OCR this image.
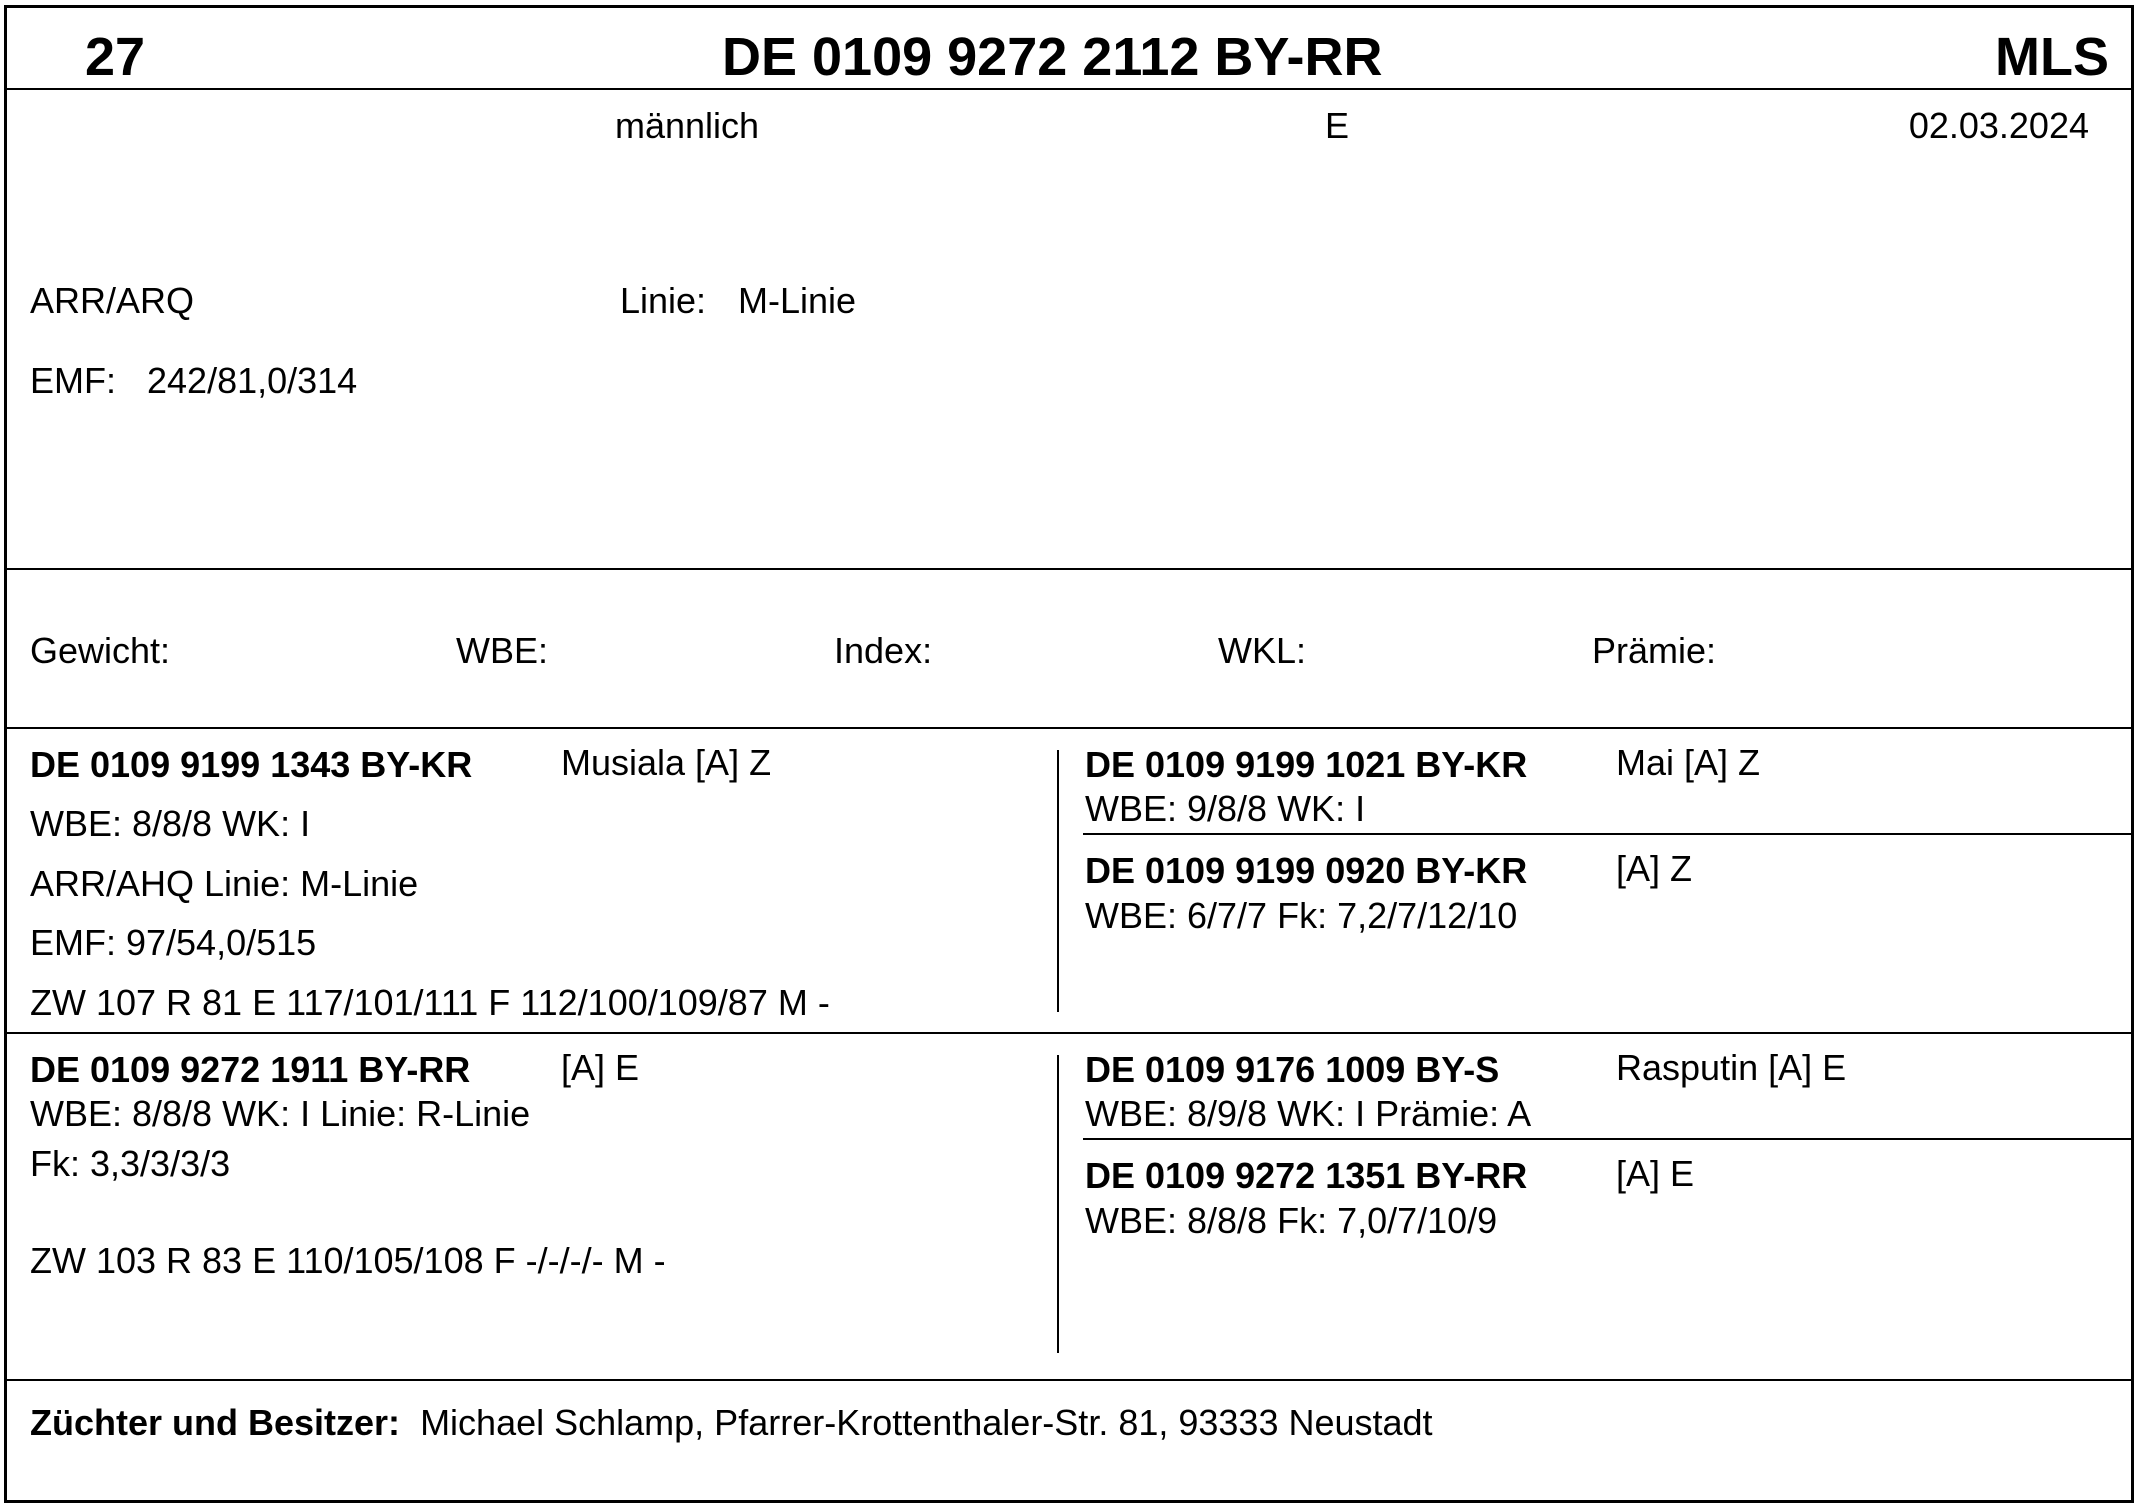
27	DE 0109 9272 2112 BY-RR	MLS
männlich	E	02.03.2024
ARR/ARQ	Linie: M-Linie
EMF: 242/81,0/314
Gewicht:	WBE:	Index:	WKL:	Prämie:
DE 0109 9199 1343 BY-KR Musiala [A] Z
WBE: 8/8/8 WK: I
ARR/AHQ Linie: M-Linie
EMF: 97/54,0/515
ZW 107 R 81 E 117/101/111 F 112/100/109/87 M -
DE 0109 9199 1021 BY-KR Mai [A] Z
WBE: 9/8/8 WK: I
DE 0109 9199 0920 BY-KR [A] Z
WBE: 6/7/7 Fk: 7,2/7/12/10
DE 0109 9272 1911 BY-RR	[A] E
WBE: 8/8/8 WK: I Linie: R-Linie
Fk: 3,3/3/3/3
ZW 103 R 83 E 110/105/108 F -/-/-/- M -
DE 0109 9176 1009 BY-S	Rasputin [A] E
WBE: 8/9/8 WK: I Prämie: A
DE 0109 9272 1351 BY-RR [A] E
WBE: 8/8/8 Fk: 7,0/7/10/9
Züchter und Besitzer: Michael Schlamp, Pfarrer-Krottenthaler-Str. 81, 93333 Neustadt
